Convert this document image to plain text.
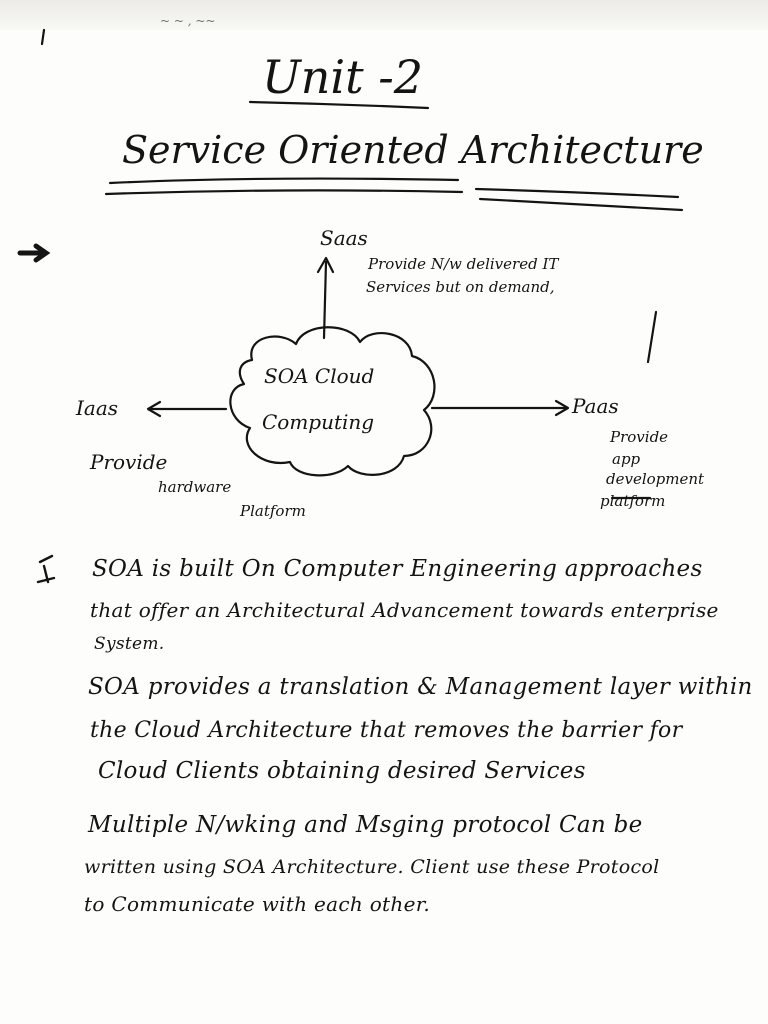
~ ~ , ~~
Unit -2
Service Oriented Architecture
SOA Cloud
Computing
Saas
Provide N/w delivered IT
Services but on demand,
Iaas
Provide
hardware
Platform
Paas
Provide
app
development
platform
SOA is built On Computer Engineering approaches
that offer an Architectural Advancement towards enterprise
System.
SOA provides a translation & Management layer within
the Cloud Architecture that removes the barrier for
Cloud Clients obtaining desired Services
Multiple N/wking and Msging protocol Can be
written using SOA Architecture. Client use these Protocol
to Communicate with each other.
